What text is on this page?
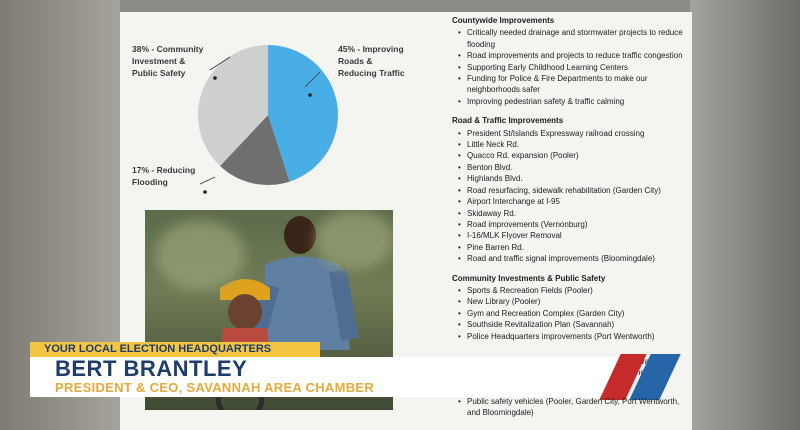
38% - Community
Investment &
Public Safety
45% - Improving
Roads &
Reducing Traffic
17% - Reducing
Flooding
Countywide Improvements
• Critically needed drainage and stormwater projects to reduce flooding
• Road improvements and projects to reduce traffic congestion
• Supporting Early Childhood Learning Centers
• Funding for Police & Fire Departments to make our neighborhoods safer
• Improving pedestrian safety & traffic calming
Road & Traffic Improvements
• President St/Islands Expressway railroad crossing
• Little Neck Rd.
• Quacco Rd. expansion (Pooler)
• Benton Blvd.
• Highlands Blvd.
• Road resurfacing, sidewalk rehabilitation (Garden City)
• Airport Interchange at I-95
• Skidaway Rd.
• Road improvements (Vernonburg)
• I-16/MLK Flyover Removal
• Pine Barren Rd.
• Road and traffic signal improvements (Bloomingdale)
Community Investments & Public Safety
• Sports & Recreation Fields (Pooler)
• New Library (Pooler)
• Gym and Recreation Complex (Garden City)
• Southside Revitalization Plan (Savannah)
• Police Headquarters improvements (Port Wentworth)
YOUR LOCAL ELECTION HEADQUARTERS
BERT BRANTLEY
PRESIDENT & CEO, SAVANNAH AREA CHAMBER
• Public safety vehicles (Pooler, Garden City, Port Wentworth, and Bloomingdale)
